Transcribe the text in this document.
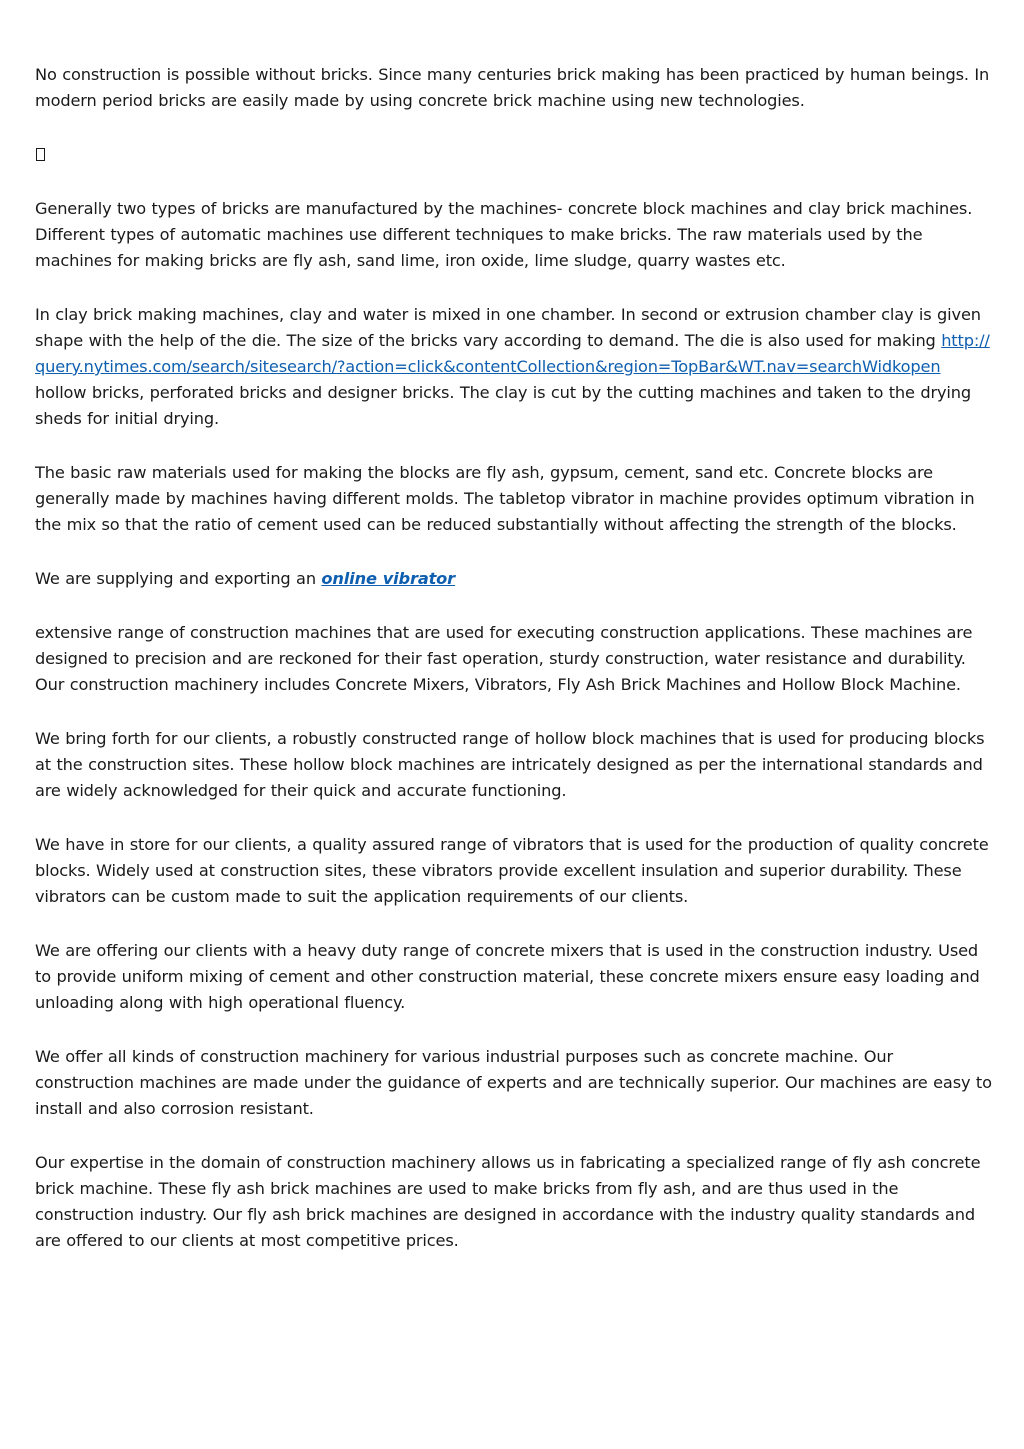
No construction is possible without bricks. Since many centuries brick making has been practiced by human beings. In modern period bricks are easily made by using concrete brick machine using new technologies.

Generally two types of bricks are manufactured by the machines- concrete block machines and clay brick machines. Different types of automatic machines use different techniques to make bricks. The raw materials used by the machines for making bricks are fly ash, sand lime, iron oxide, lime sludge, quarry wastes etc.

In clay brick making machines, clay and water is mixed in one chamber. In second or extrusion chamber clay is given shape with the help of the die. The size of the bricks vary according to demand. The die is also used for making http://query.nytimes.com/search/sitesearch/?action=click&contentCollection&region=TopBar&WT.nav=searchWidkopen hollow bricks, perforated bricks and designer bricks. The clay is cut by the cutting machines and taken to the drying sheds for initial drying.

The basic raw materials used for making the blocks are fly ash, gypsum, cement, sand etc. Concrete blocks are generally made by machines having different molds. The tabletop vibrator in machine provides optimum vibration in the mix so that the ratio of cement used can be reduced substantially without affecting the strength of the blocks.

We are supplying and exporting an online vibrator

extensive range of construction machines that are used for executing construction applications. These machines are designed to precision and are reckoned for their fast operation, sturdy construction, water resistance and durability. Our construction machinery includes Concrete Mixers, Vibrators, Fly Ash Brick Machines and Hollow Block Machine.

We bring forth for our clients, a robustly constructed range of hollow block machines that is used for producing blocks at the construction sites. These hollow block machines are intricately designed as per the international standards and are widely acknowledged for their quick and accurate functioning.

We have in store for our clients, a quality assured range of vibrators that is used for the production of quality concrete blocks. Widely used at construction sites, these vibrators provide excellent insulation and superior durability. These vibrators can be custom made to suit the application requirements of our clients.

We are offering our clients with a heavy duty range of concrete mixers that is used in the construction industry. Used to provide uniform mixing of cement and other construction material, these concrete mixers ensure easy loading and unloading along with high operational fluency.

We offer all kinds of construction machinery for various industrial purposes such as concrete machine. Our construction machines are made under the guidance of experts and are technically superior. Our machines are easy to install and also corrosion resistant.

Our expertise in the domain of construction machinery allows us in fabricating a specialized range of fly ash concrete brick machine. These fly ash brick machines are used to make bricks from fly ash, and are thus used in the construction industry. Our fly ash brick machines are designed in accordance with the industry quality standards and are offered to our clients at most competitive prices.
